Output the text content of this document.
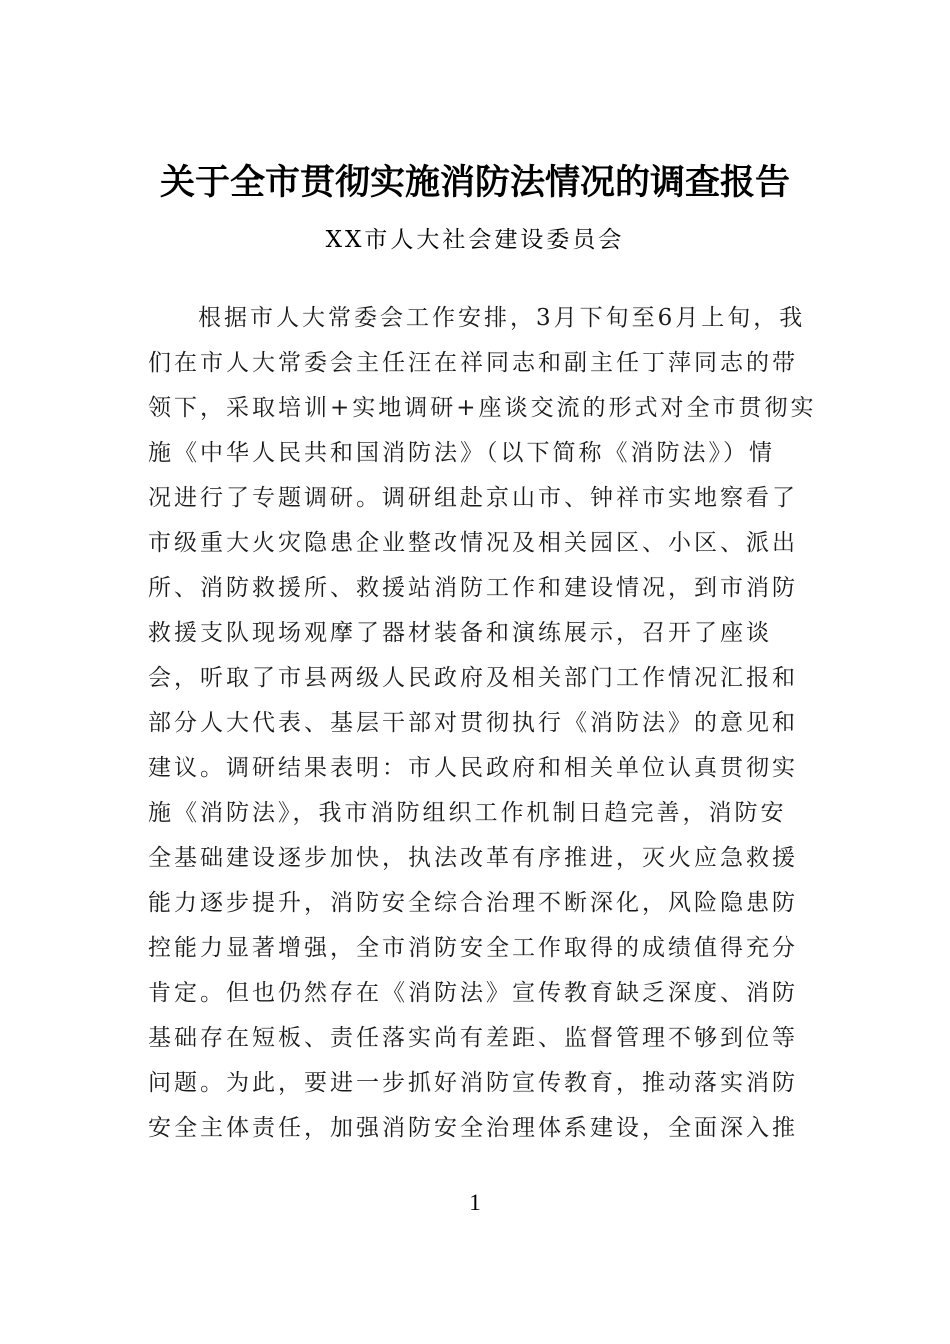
关于全市贯彻实施消防法情况的调查报告
XX市人大社会建设委员会
根据市人大常委会工作安排，3月下旬至6月上旬，我
们在市人大常委会主任汪在祥同志和副主任丁萍同志的带
领下，采取培训+实地调研+座谈交流的形式对全市贯彻实
施《中华人民共和国消防法》（以下简称《消防法》）情
况进行了专题调研。调研组赴京山市、钟祥市实地察看了
市级重大火灾隐患企业整改情况及相关园区、小区、派出
所、消防救援所、救援站消防工作和建设情况，到市消防
救援支队现场观摩了器材装备和演练展示，召开了座谈
会，听取了市县两级人民政府及相关部门工作情况汇报和
部分人大代表、基层干部对贯彻执行《消防法》的意见和
建议。调研结果表明：市人民政府和相关单位认真贯彻实
施《消防法》，我市消防组织工作机制日趋完善，消防安
全基础建设逐步加快，执法改革有序推进，灭火应急救援
能力逐步提升，消防安全综合治理不断深化，风险隐患防
控能力显著增强，全市消防安全工作取得的成绩值得充分
肯定。但也仍然存在《消防法》宣传教育缺乏深度、消防
基础存在短板、责任落实尚有差距、监督管理不够到位等
问题。为此，要进一步抓好消防宣传教育，推动落实消防
安全主体责任，加强消防安全治理体系建设，全面深入推
1
